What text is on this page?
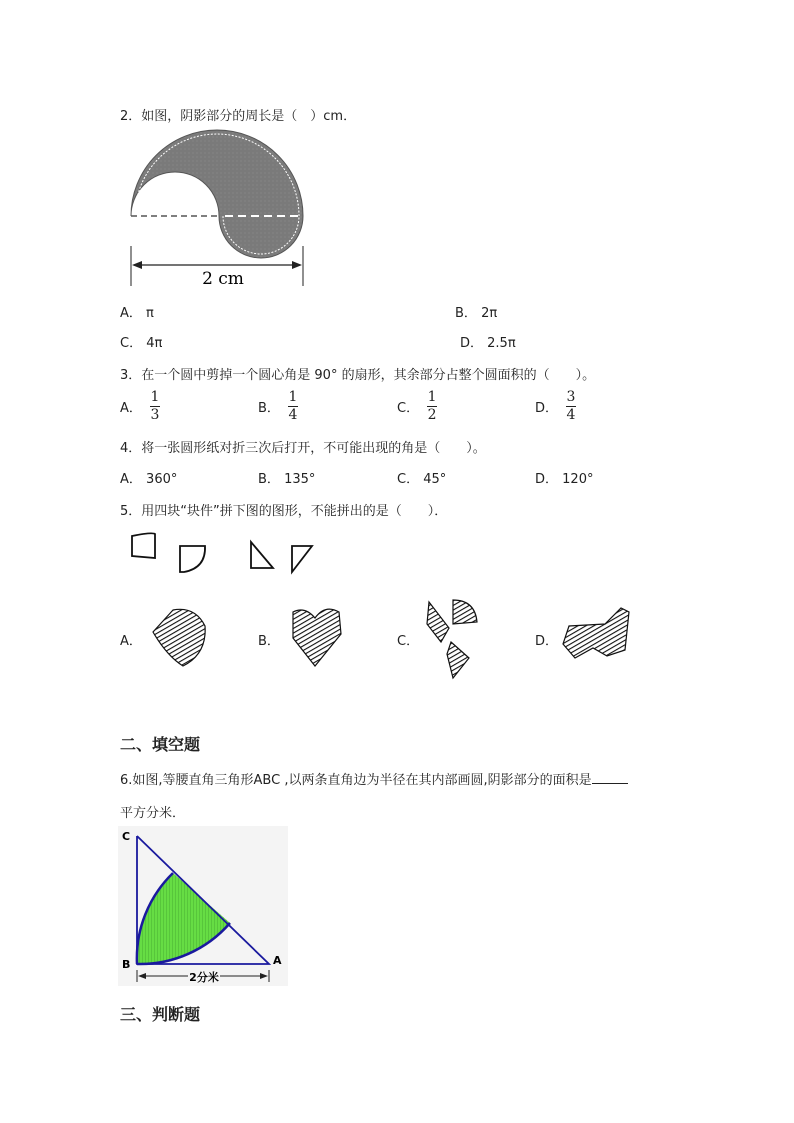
2．如图，阴影部分的周长是（　）cm．
2 cm
A． π	B． 2π
C． 4π	D． 2.5π
3．在一个圆中剪掉一个圆心角是 90° 的扇形，其余部分占整个圆面积的（　　）。
A． $\frac{1}{3}$	B． $\frac{1}{4}$	C． $\frac{1}{2}$	D． $\frac{3}{4}$
4．将一张圆形纸对折三次后打开，不可能出现的角是（　　）。
A． 360°	B． 135°	C． 45°	D． 120°
5．用四块“块件”拼下图的图形，不能拼出的是（　　）．
A．	B．	C．	D．
二、填空题
6.如图,等腰直角三角形ABC ,以两条直角边为半径在其内部画圆,阴影部分的面积是
平方分米．
2分米
C
B	A
三、判断题
